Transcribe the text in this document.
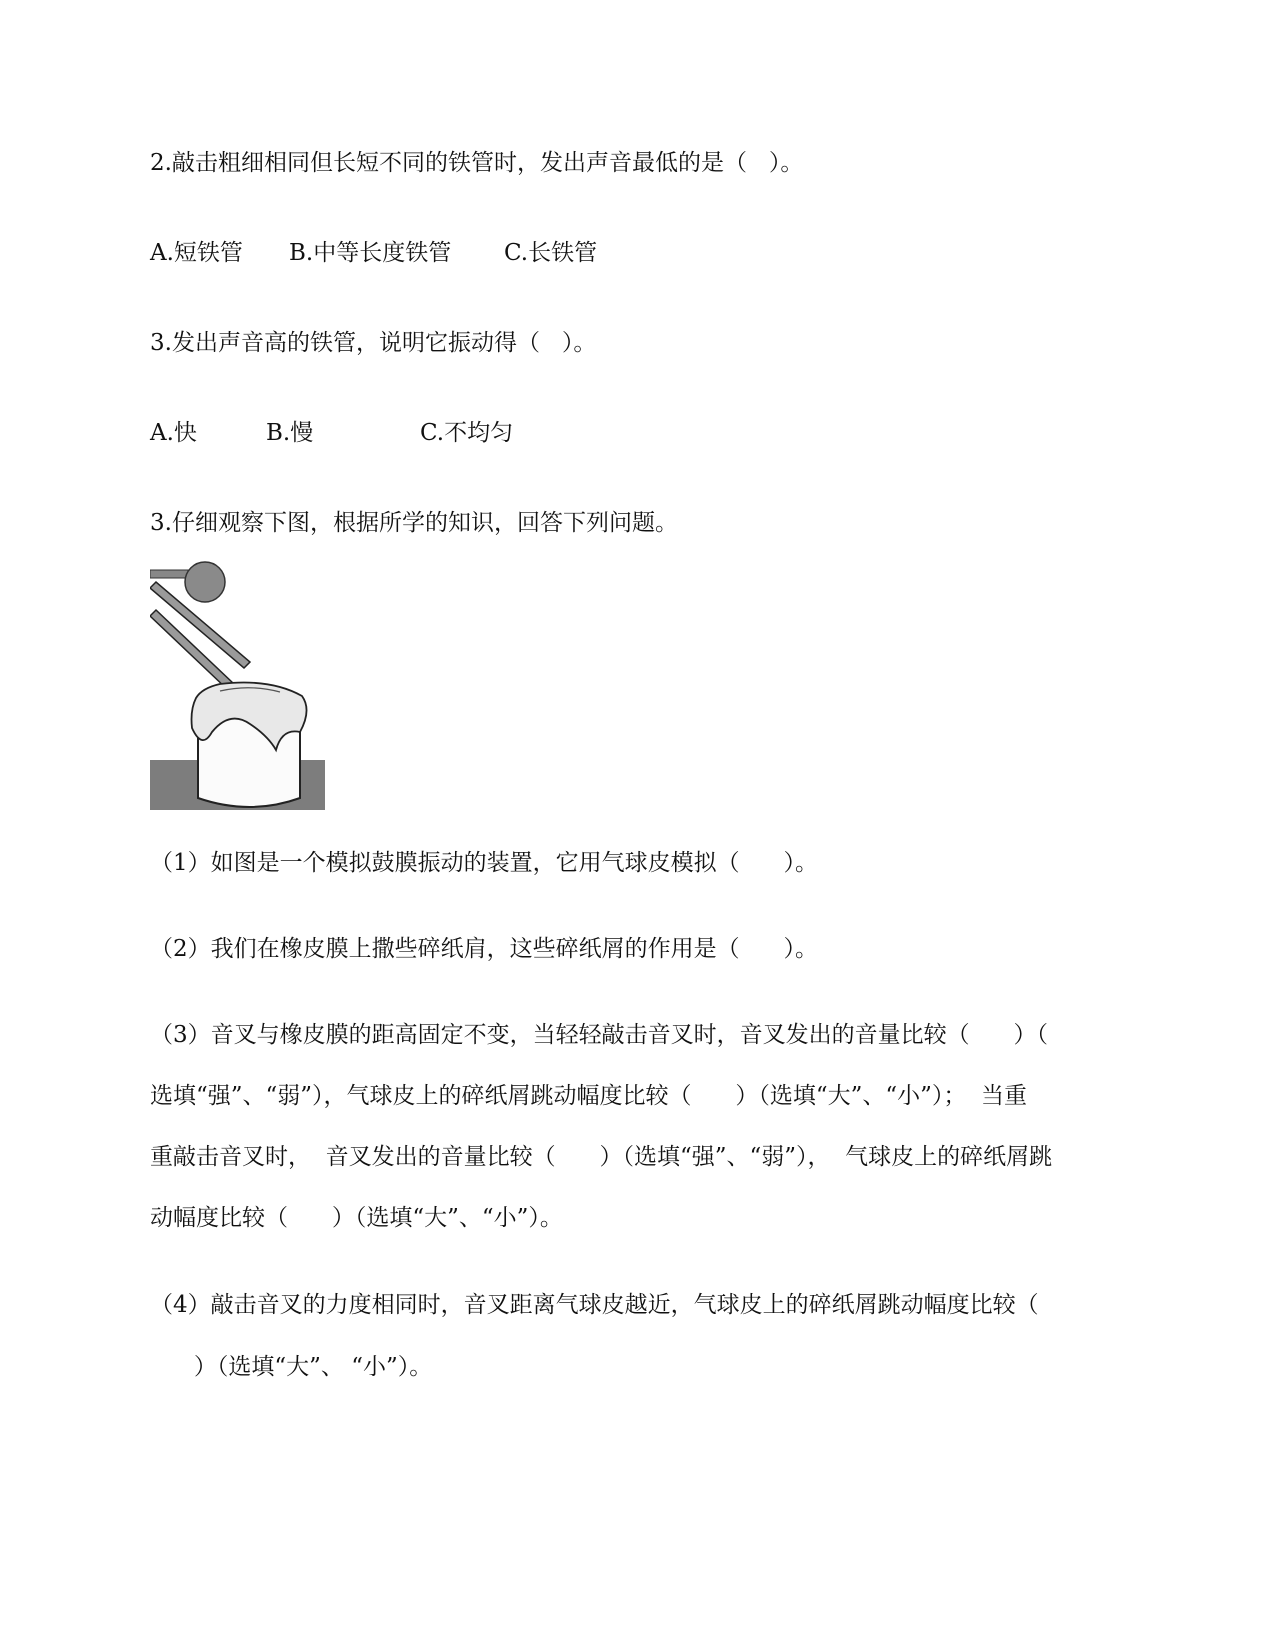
2.敲击粗细相同但长短不同的铁管时，发出声音最低的是（   ）。
A.短铁管 B.中等长度铁管 C.长铁管
3.发出声音高的铁管，说明它振动得（   ）。
A.快	B.慢	C.不均匀
3.仔细观察下图，根据所学的知识，回答下列问题。
（1）如图是一个模拟鼓膜振动的装置，它用气球皮模拟（      ）。
（2）我们在橡皮膜上撒些碎纸肩，这些碎纸屑的作用是（      ）。
（3）音叉与橡皮膜的距高固定不变，当轻轻敲击音叉时，音叉发出的音量比较（      ）（
选填“强”、“弱”），气球皮上的碎纸屑跳动幅度比较（      ）（选填“大”、“小”）；  当重
重敲击音叉时，  音叉发出的音量比较（      ）（选填“强”、“弱”），  气球皮上的碎纸屑跳
动幅度比较（      ）（选填“大”、“小”）。
（4）敲击音叉的力度相同时，音叉距离气球皮越近，气球皮上的碎纸屑跳动幅度比较（
）（选填“大”、 “小”）。
